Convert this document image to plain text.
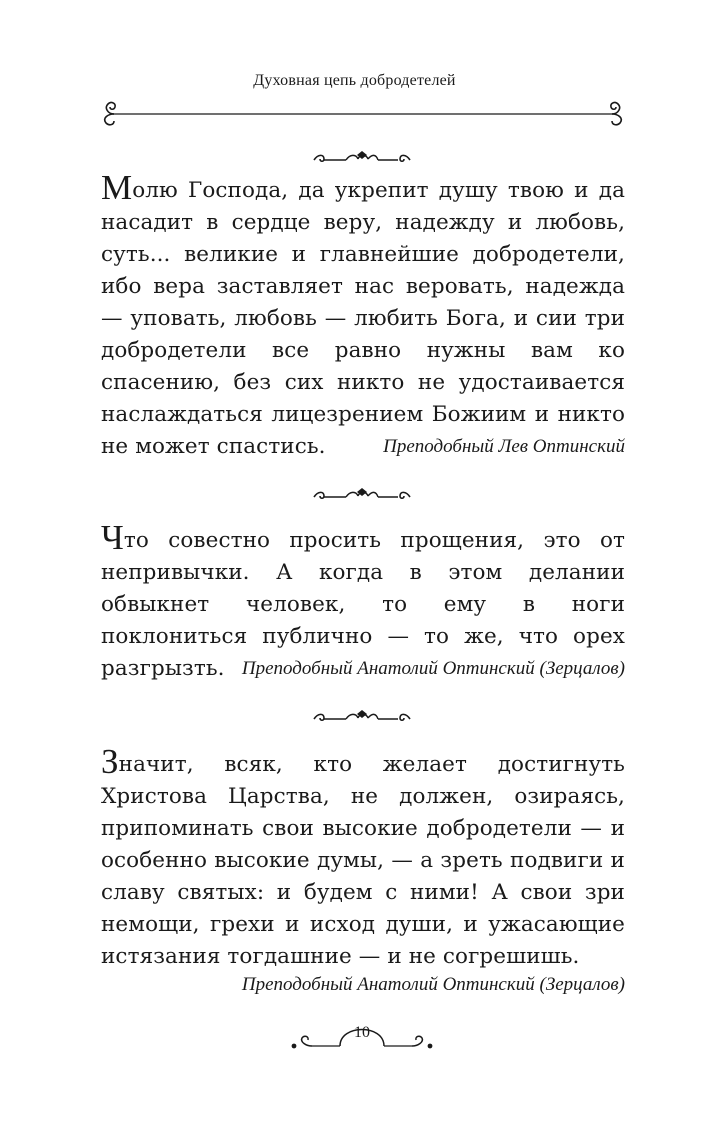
Духовная цепь добродетелей

Молю Господа, да укрепит душу твою и да насадит в сердце веру, надежду и любовь, суть... великие и главнейшие добродетели, ибо вера заставляет нас веровать, надежда — уповать, любовь — любить Бога, и сии три добродетели все равно нужны вам ко спасению, без сих никто не удостаивается наслаждаться лицезрением Божиим и никто не может спастись.	Преподобный Лев Оптинский

Что совестно просить прощения, это от непривычки. А когда в этом делании обвыкнет человек, то ему в ноги поклониться публично — то же, что орех разгрызть. Преподобный Анатолий Оптинский (Зерцалов)

Значит, всяк, кто желает достигнуть Христова Царства, не должен, озираясь, припоминать свои высокие добродетели — и особенно высокие думы, — а зреть подвиги и славу святых: и будем с ними! А свои зри немощи, грехи и исход души, и ужасающие истязания тогдашние — и не согрешишь.

Преподобный Анатолий Оптинский (Зерцалов)

10
